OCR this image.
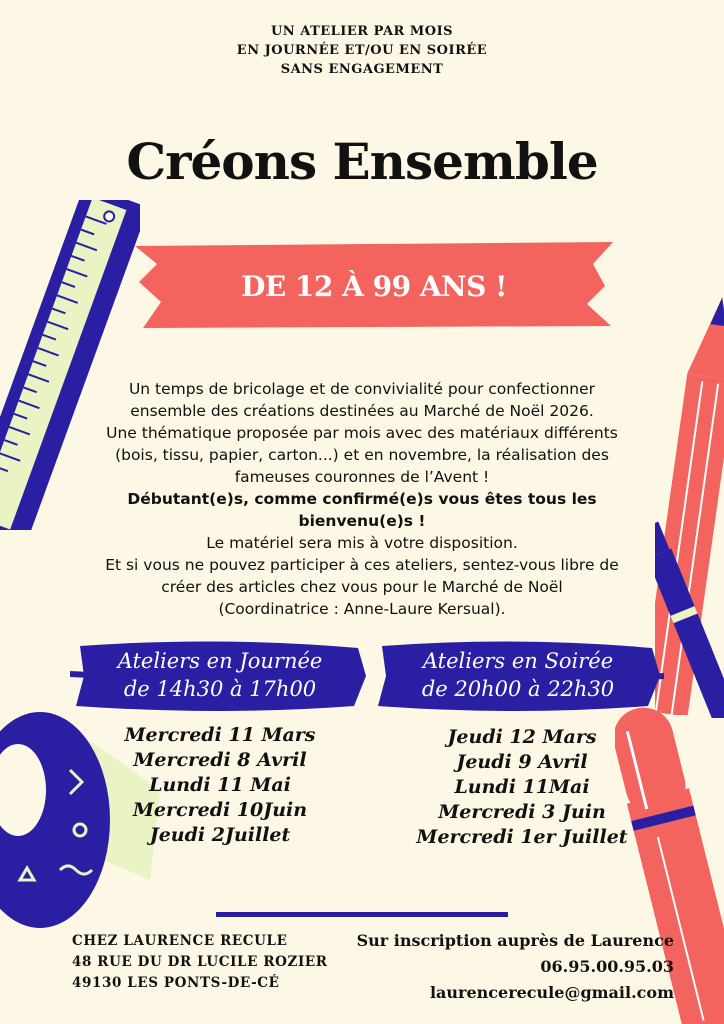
UN ATELIER PAR MOIS
EN JOURNÉE ET/OU EN SOIRÉE
SANS ENGAGEMENT
Créons Ensemble
DE 12 À 99 ANS !
Un temps de bricolage et de convivialité pour confectionner
ensemble des créations destinées au Marché de Noël 2026.
Une thématique proposée par mois avec des matériaux différents
(bois, tissu, papier, carton...) et en novembre, la réalisation des
fameuses couronnes de l’Avent !
Débutant(e)s, comme confirmé(e)s vous êtes tous les
bienvenu(e)s !
Le matériel sera mis à votre disposition.
Et si vous ne pouvez participer à ces ateliers, sentez-vous libre de
créer des articles chez vous pour le Marché de Noël
(Coordinatrice : Anne-Laure Kersual).
Ateliers en Journée
de 14h30 à 17h00
Mercredi 11 Mars
Mercredi 8 Avril
Lundi 11 Mai
Mercredi 10Juin
Jeudi 2Juillet
Ateliers en Soirée
de 20h00 à 22h30
Jeudi 12 Mars
Jeudi 9 Avril
Lundi 11Mai
Mercredi 3 Juin
Mercredi 1er Juillet
CHEZ LAURENCE RECULE
48 RUE DU DR LUCILE ROZIER
49130 LES PONTS-DE-CÉ
Sur inscription auprès de Laurence
06.95.00.95.03
laurencerecule@gmail.com
